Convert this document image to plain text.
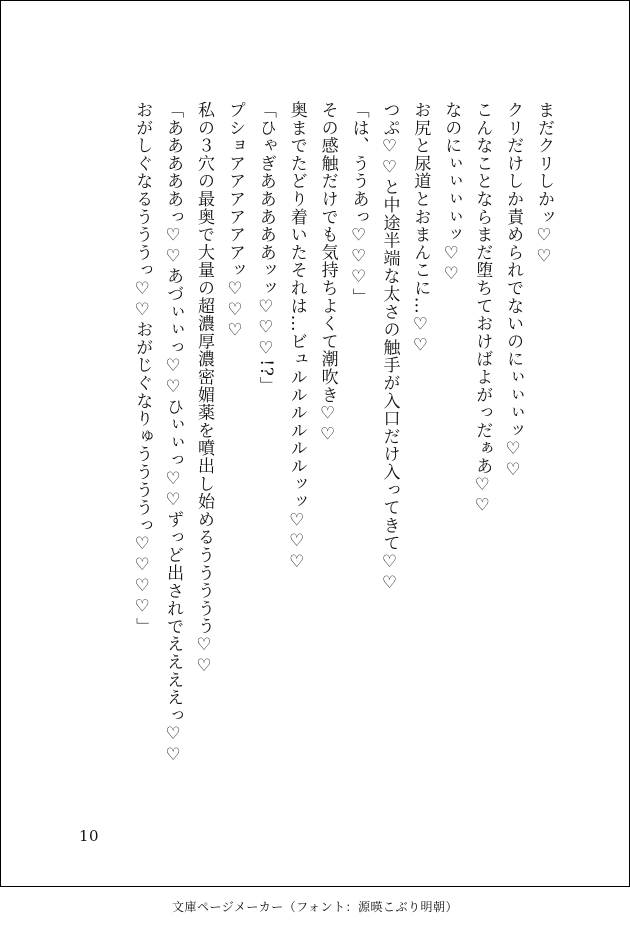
まだクリしかッ♡♡
クリだけしか責められでないのにぃぃぃッ♡♡
こんなことならまだ堕ちておけばよがっだぁあ♡♡
なのにぃぃぃぃッ♡♡
お尻と尿道とおまんこに…♡♡
つぷ♡♡と中途半端な太さの触手が入口だけ入ってきて♡♡
「は、ううあっ♡♡♡」
その感触だけでも気持ちよくて潮吹き♡♡
奥までたどり着いたそれは…ビュルルルルルルッッ♡♡♡
「ひゃぎあああああッッ♡♡♡!?」
プショアアアアアアッ♡♡♡
私の３穴の最奥で大量の超濃厚濃密媚薬を噴出し始めるううううう♡♡
「あああああっ♡♡あづぃぃっ♡♡ひぃぃっ♡♡ずっど出されでええええっ♡♡
おがしぐなるうううっ♡♡おがじぐなりゅううううっ♡♡♡♡」
10
文庫ページメーカー（フォント：源暎こぶり明朝）
